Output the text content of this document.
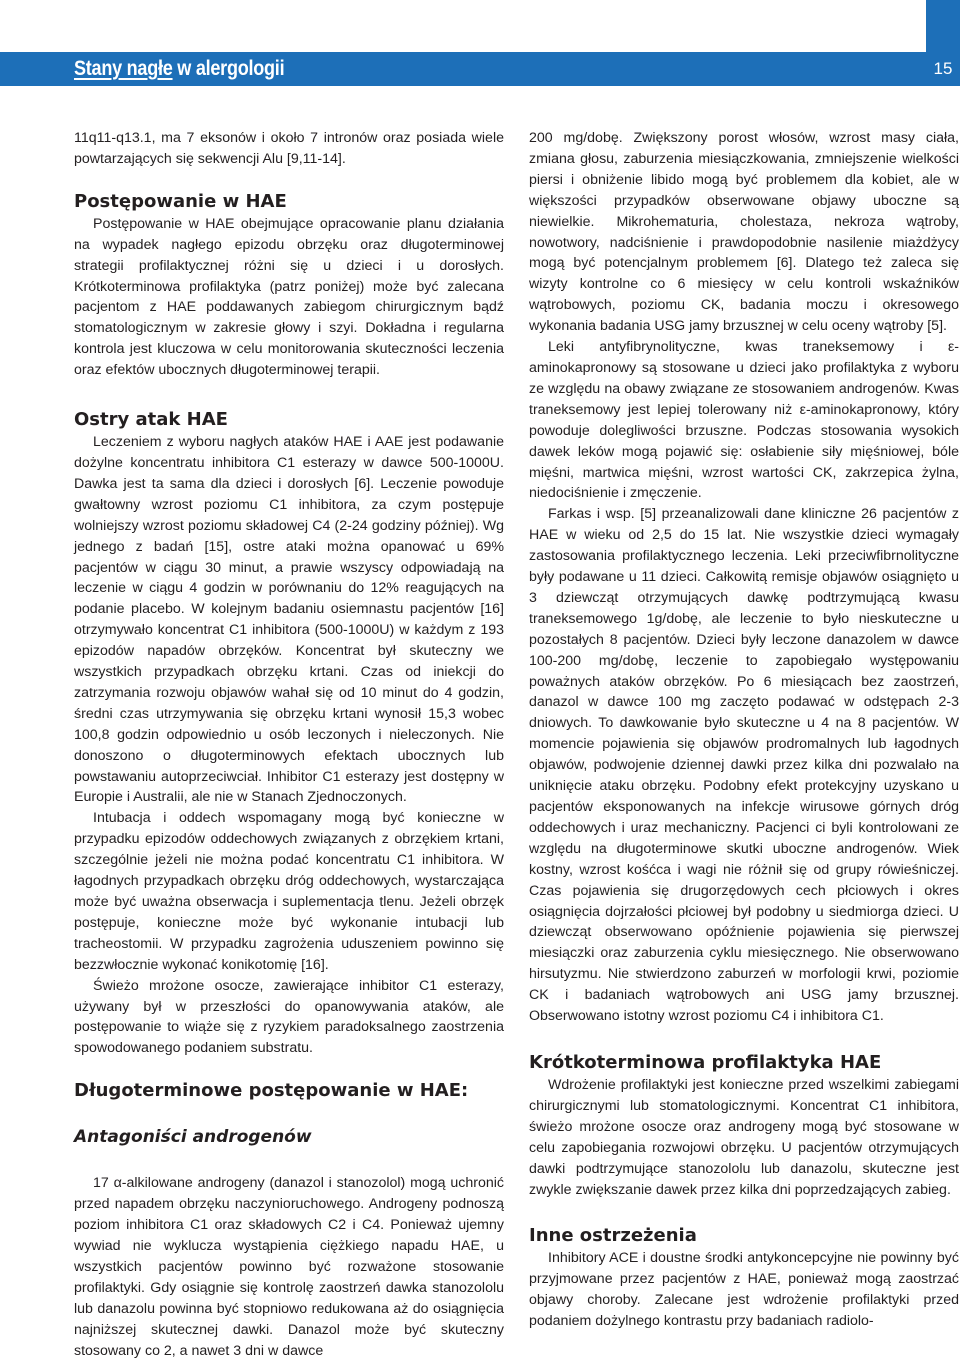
Stany nagłe w alergologii	15

11q11-q13.1, ma 7 eksonów i około 7 intronów oraz posiada wiele powtarzających się sekwencji Alu [9,11-14].

Postępowanie w HAE

Postępowanie w HAE obejmujące opracowanie planu działania na wypadek nagłego epizodu obrzęku oraz długoterminowej strategii profilaktycznej różni się u dzieci i u dorosłych. Krótkoterminowa profilaktyka (patrz poniżej) może być zalecana pacjentom z HAE poddawanych zabiegom chirurgicznym bądź stomatologicznym w zakresie głowy i szyi. Dokładna i regularna kontrola jest kluczowa w celu monitorowania skuteczności leczenia oraz efektów ubocznych długoterminowej terapii.

Ostry atak HAE

Leczeniem z wyboru nagłych ataków HAE i AAE jest podawanie dożylne koncentratu inhibitora C1 esterazy w dawce 500-1000U. Dawka jest ta sama dla dzieci i dorosłych [6]. Leczenie powoduje gwałtowny wzrost poziomu C1 inhibitora, za czym postępuje wolniejszy wzrost poziomu składowej C4 (2-24 godziny później). Wg jednego z badań [15], ostre ataki można opanować u 69% pacjentów w ciągu 30 minut, a prawie wszyscy odpowiadają na leczenie w ciągu 4 godzin w porównaniu do 12% reagujących na podanie placebo. W kolejnym badaniu osiemnastu pacjentów [16] otrzymywało koncentrat C1 inhibitora (500-1000U) w każdym z 193 epizodów napadów obrzęków. Koncentrat był skuteczny we wszystkich przypadkach obrzęku krtani. Czas od iniekcji do zatrzymania rozwoju objawów wahał się od 10 minut do 4 godzin, średni czas utrzymywania się obrzęku krtani wynosił 15,3 wobec 100,8 godzin odpowiednio u osób leczonych i nieleczonych. Nie donoszono o długoterminowych efektach ubocznych lub powstawaniu autoprzeciwciał. Inhibitor C1 esterazy jest dostępny w Europie i Australii, ale nie w Stanach Zjednoczonych.

Intubacja i oddech wspomagany mogą być konieczne w przypadku epizodów oddechowych związanych z obrzękiem krtani, szczególnie jeżeli nie można podać koncentratu C1 inhibitora. W łagodnych przypadkach obrzęku dróg oddechowych, wystarczająca może być uważna obserwacja i suplementacja tlenu. Jeżeli obrzęk postępuje, konieczne może być wykonanie intubacji lub tracheostomii. W przypadku zagrożenia uduszeniem powinno się bezzwłocznie wykonać konikotomię [16].

Świeżo mrożone osocze, zawierające inhibitor C1 esterazy, używany był w przeszłości do opanowywania ataków, ale postępowanie to wiąże się z ryzykiem paradoksalnego zaostrzenia spowodowanego podaniem substratu.

Długoterminowe postępowanie w HAE:
Antagoniści androgenów

17 α-alkilowane androgeny (danazol i stanozolol) mogą uchronić przed napadem obrzęku naczynioruchowego. Androgeny podnoszą poziom inhibitora C1 oraz składowych C2 i C4. Ponieważ ujemny wywiad nie wyklucza wystąpienia ciężkiego napadu HAE, u wszystkich pacjentów powinno być rozważone stosowanie profilaktyki. Gdy osiągnie się kontrolę zaostrzeń dawka stanozololu lub danazolu powinna być stopniowo redukowana aż do osiągnięcia najniższej skutecznej dawki. Danazol może być skuteczny stosowany co 2, a nawet 3 dni w dawce

200 mg/dobę. Zwiększony porost włosów, wzrost masy ciała, zmiana głosu, zaburzenia miesiączkowania, zmniejszenie wielkości piersi i obniżenie libido mogą być problemem dla kobiet, ale w większości przypadków obserwowane objawy uboczne są niewielkie. Mikrohematuria, cholestaza, nekroza wątroby, nowotwory, nadciśnienie i prawdopodobnie nasilenie miażdżycy mogą być potencjalnym problemem [6]. Dlatego też zaleca się wizyty kontrolne co 6 miesięcy w celu kontroli wskaźników wątrobowych, poziomu CK, badania moczu i okresowego wykonania badania USG jamy brzusznej w celu oceny wątroby [5].

Leki antyfibrynolityczne, kwas traneksemowy i ε-aminokapronowy są stosowane u dzieci jako profilaktyka z wyboru ze względu na obawy związane ze stosowaniem androgenów. Kwas traneksemowy jest lepiej tolerowany niż ε-aminokapronowy, który powoduje dolegliwości brzuszne. Podczas stosowania wysokich dawek leków mogą pojawić się: osłabienie siły mięśniowej, bóle mięśni, martwica mięśni, wzrost wartości CK, zakrzepica żylna, niedociśnienie i zmęczenie.

Farkas i wsp. [5] przeanalizowali dane kliniczne 26 pacjentów z HAE w wieku od 2,5 do 15 lat. Nie wszystkie dzieci wymagały zastosowania profilaktycznego leczenia. Leki przeciwfibrnolityczne były podawane u 11 dzieci. Całkowitą remisje objawów osiągnięto u 3 dziewcząt otrzymujących dawkę podtrzymującą kwasu traneksemowego 1g/dobę, ale leczenie to było nieskuteczne u pozostałych 8 pacjentów. Dzieci były leczone danazolem w dawce 100-200 mg/dobę, leczenie to zapobiegało występowaniu poważnych ataków obrzęków. Po 6 miesiącach bez zaostrzeń, danazol w dawce 100 mg zaczęto podawać w odstępach 2-3 dniowych. To dawkowanie było skuteczne u 4 na 8 pacjentów. W momencie pojawienia się objawów prodromalnych lub łagodnych objawów, podwojenie dziennej dawki przez kilka dni pozwalało na uniknięcie ataku obrzęku. Podobny efekt protekcyjny uzyskano u pacjentów eksponowanych na infekcje wirusowe górnych dróg oddechowych i uraz mechaniczny. Pacjenci ci byli kontrolowani ze względu na długoterminowe skutki uboczne androgenów. Wiek kostny, wzrost kośćca i wagi nie różnił się od grupy rówieśniczej. Czas pojawienia się drugorzędowych cech płciowych i okres osiągnięcia dojrzałości płciowej był podobny u siedmiorga dzieci. U dziewcząt obserwowano opóźnienie pojawienia się pierwszej miesiączki oraz zaburzenia cyklu miesięcznego. Nie obserwowano hirsutyzmu. Nie stwierdzono zaburzeń w morfologii krwi, poziomie CK i badaniach wątrobowych ani USG jamy brzusznej. Obserwowano istotny wzrost poziomu C4 i inhibitora C1.

Krótkoterminowa profilaktyka HAE

Wdrożenie profilaktyki jest konieczne przed wszelkimi zabiegami chirurgicznymi lub stomatologicznymi. Koncentrat C1 inhibitora, świeżo mrożone osocze oraz androgeny mogą być stosowane w celu zapobiegania rozwojowi obrzęku. U pacjentów otrzymujących dawki podtrzymujące stanozololu lub danazolu, skuteczne jest zwykle zwiększanie dawek przez kilka dni poprzedzających zabieg.

Inne ostrzeżenia

Inhibitory ACE i doustne środki antykoncepcyjne nie powinny być przyjmowane przez pacjentów z HAE, ponieważ mogą zaostrzać objawy choroby. Zalecane jest wdrożenie profilaktyki przed podaniem dożylnego kontrastu przy badaniach radiolo-
